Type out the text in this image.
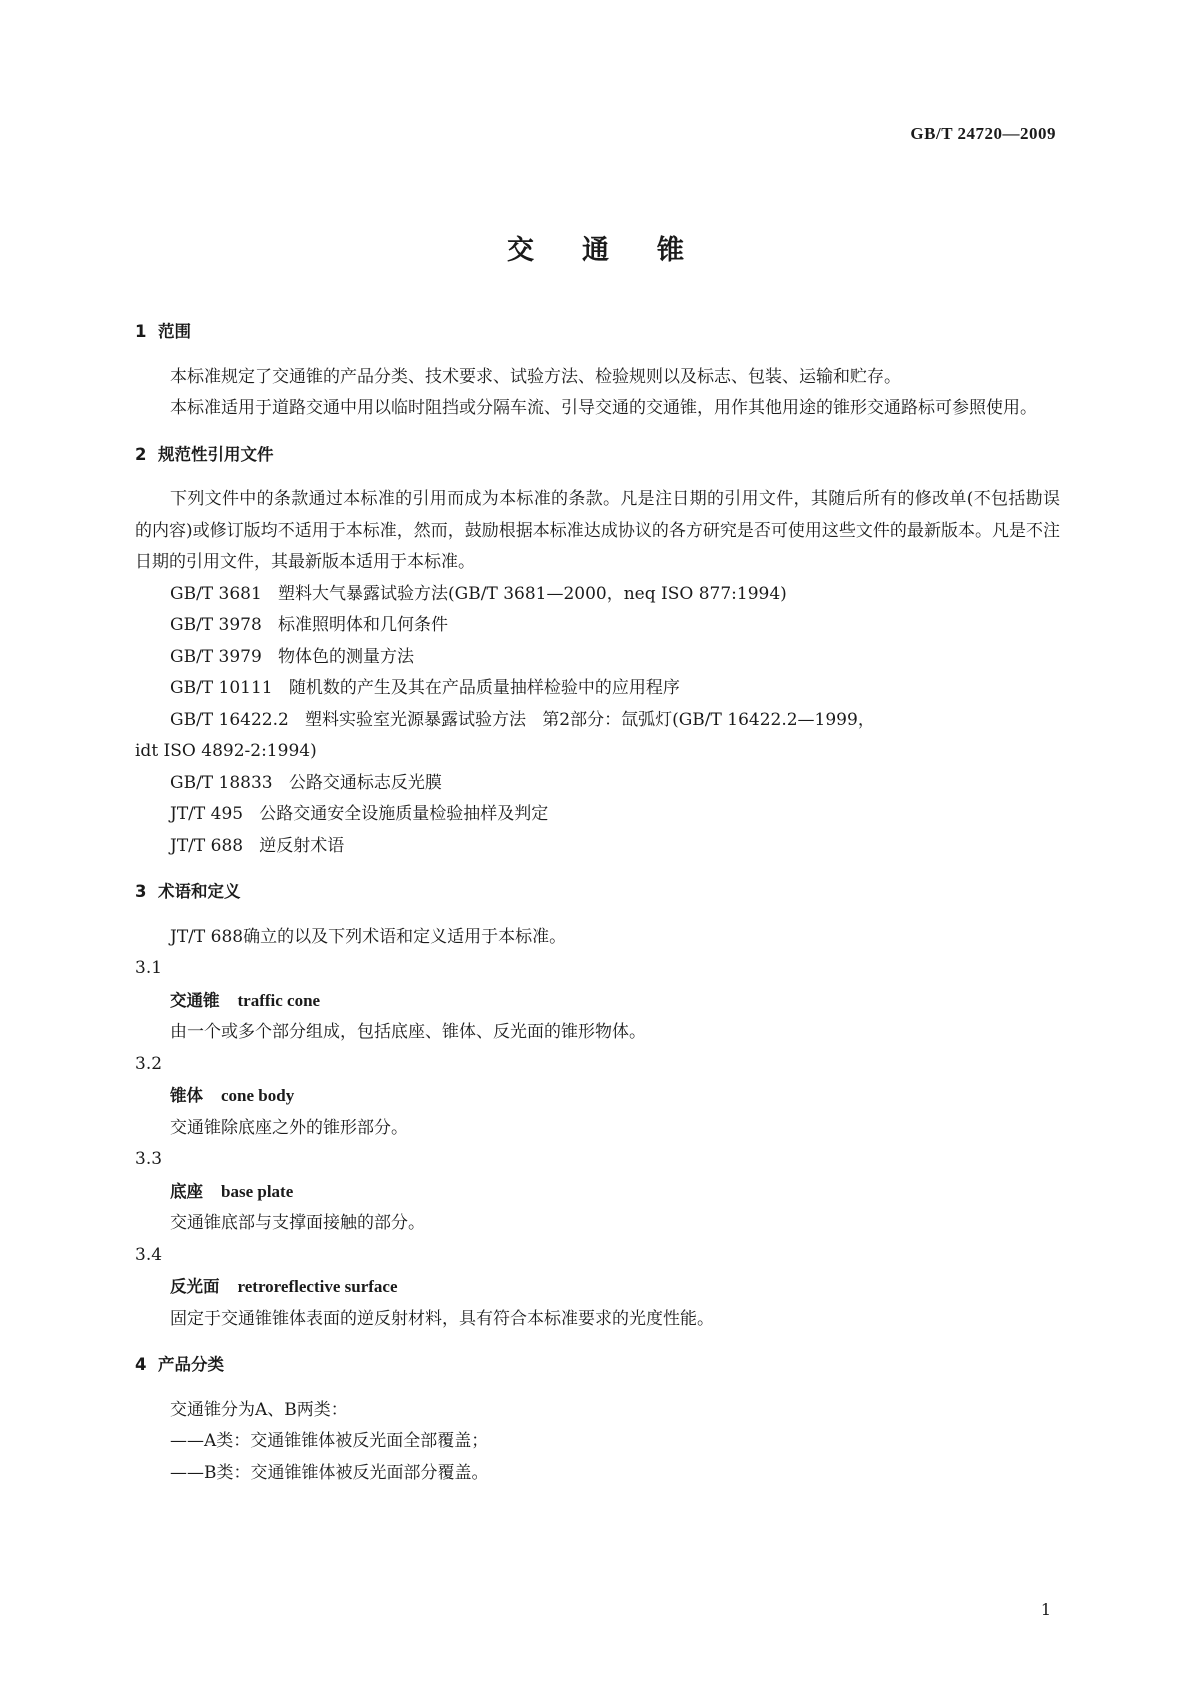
GB/T 24720—2009
交通锥
1  范围

本标准规定了交通锥的产品分类、技术要求、试验方法、检验规则以及标志、包装、运输和贮存。

本标准适用于道路交通中用以临时阻挡或分隔车流、引导交通的交通锥，用作其他用途的锥形交通路标可参照使用。

2  规范性引用文件

下列文件中的条款通过本标准的引用而成为本标准的条款。凡是注日期的引用文件，其随后所有的修改单(不包括勘误的内容)或修订版均不适用于本标准，然而，鼓励根据本标准达成协议的各方研究是否可使用这些文件的最新版本。凡是不注日期的引用文件，其最新版本适用于本标准。

GB/T 3681   塑料大气暴露试验方法(GB/T 3681—2000，neq ISO 877:1994)

GB/T 3978   标准照明体和几何条件

GB/T 3979   物体色的测量方法

GB/T 10111   随机数的产生及其在产品质量抽样检验中的应用程序

GB/T 16422.2   塑料实验室光源暴露试验方法   第2部分：氙弧灯(GB/T 16422.2—1999，

idt ISO 4892-2:1994)

GB/T 18833   公路交通标志反光膜

JT/T 495   公路交通安全设施质量检验抽样及判定

JT/T 688   逆反射术语

3  术语和定义

JT/T 688确立的以及下列术语和定义适用于本标准。

3.1

交通锥 traffic cone

由一个或多个部分组成，包括底座、锥体、反光面的锥形物体。

3.2

锥体 cone body

交通锥除底座之外的锥形部分。

3.3

底座 base plate

交通锥底部与支撑面接触的部分。

3.4

反光面 retroreflective surface

固定于交通锥锥体表面的逆反射材料，具有符合本标准要求的光度性能。

4  产品分类

交通锥分为A、B两类：

——A类：交通锥锥体被反光面全部覆盖；

——B类：交通锥锥体被反光面部分覆盖。

1
